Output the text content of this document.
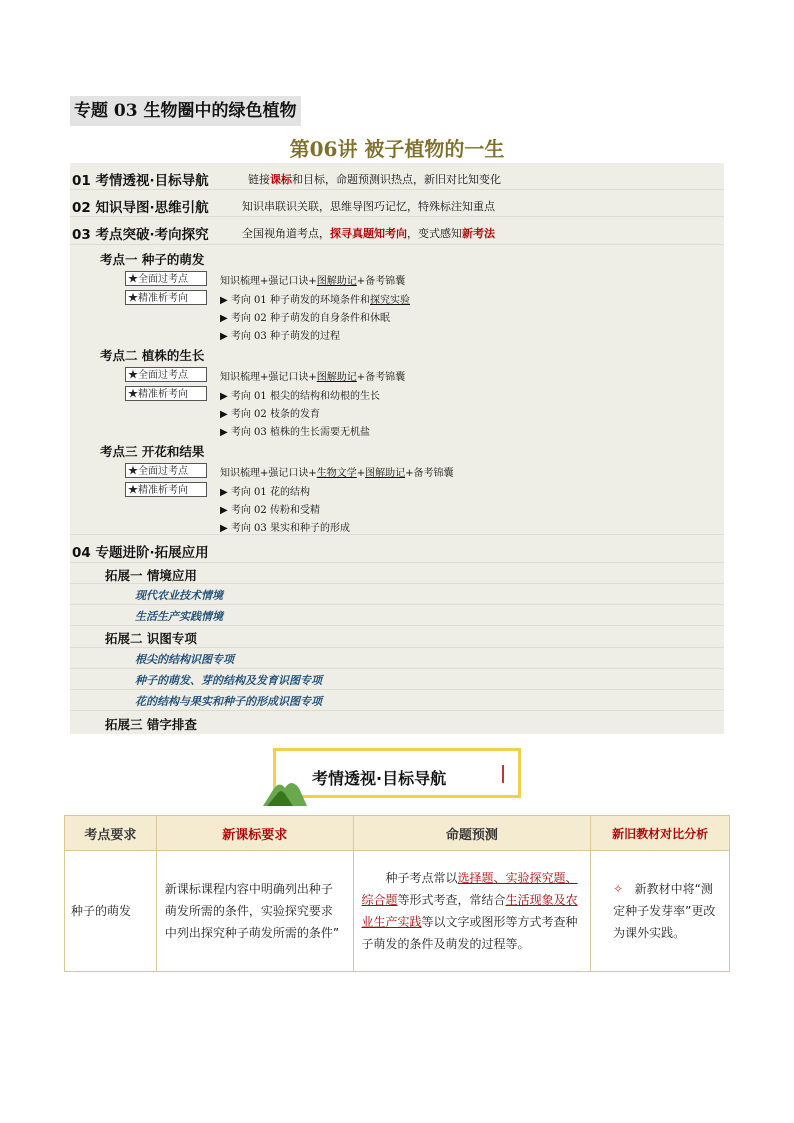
专题 03 生物圈中的绿色植物
第06讲 被子植物的一生
01 考情透视·目标导航	链接课标和目标，命题预测识热点，新旧对比知变化
02 知识导图·思维引航	知识串联识关联，思维导图巧记忆，特殊标注知重点
03 考点突破·考向探究	全国视角道考点，探寻真题知考向，变式感知新考法
考点一 种子的萌发
★全面过考点
★精准析考向
知识梳理+强记口诀+图解助记+备考锦囊
▶ 考向 01 种子萌发的环境条件和探究实验
▶ 考向 02 种子萌发的自身条件和休眠
▶ 考向 03 种子萌发的过程
考点二 植株的生长
★全面过考点
★精准析考向
知识梳理+强记口诀+图解助记+备考锦囊
▶ 考向 01 根尖的结构和幼根的生长
▶ 考向 02 枝条的发育
▶ 考向 03 植株的生长需要无机盐
考点三 开花和结果
★全面过考点
★精准析考向
知识梳理+强记口诀+生物文学+图解助记+备考锦囊
▶ 考向 01 花的结构
▶ 考向 02 传粉和受精
▶ 考向 03 果实和种子的形成
04 专题进阶·拓展应用
拓展一 情境应用
现代农业技术情境
生活生产实践情境
拓展二 识图专项
根尖的结构识图专项
种子的萌发、芽的结构及发育识图专项
花的结构与果实和种子的形成识图专项
拓展三 错字排查
考情透视·目标导航
考点要求	新课标要求	命题预测	新旧教材对比分析
种子的萌发	新课标课程内容中明确列出种子萌发所需的条件，实验探究要求中列出探究种子萌发所需的条件”	种子考点常以选择题、实验探究题、综合题等形式考查，常结合生活现象及农业生产实践等以文字或图形等方式考查种子萌发的条件及萌发的过程等。	✧ 新教材中将“测定种子发芽率”更改为课外实践。
